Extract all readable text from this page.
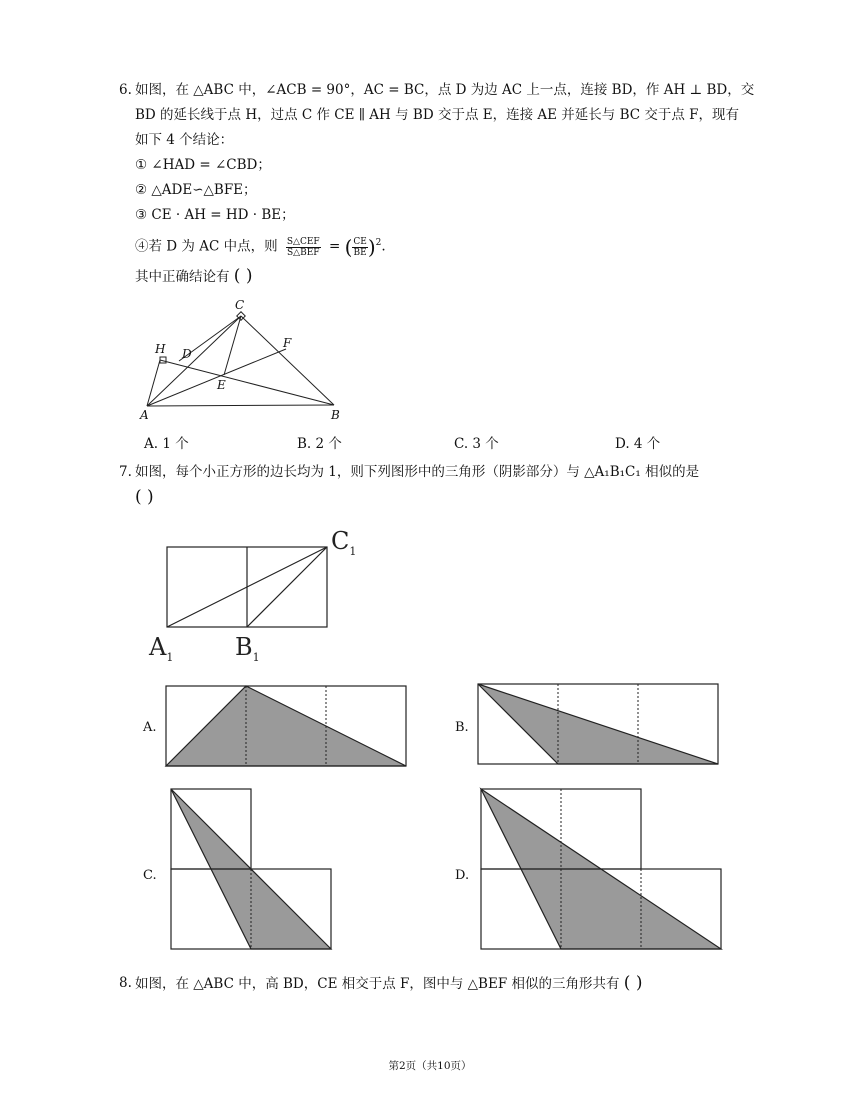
6. 如图，在 △ABC 中，∠ACB = 90°，AC = BC，点 D 为边 AC 上一点，连接 BD，作 AH ⊥ BD，交
BD 的延长线于点 H，过点 C 作 CE ∥ AH 与 BD 交于点 E，连接 AE 并延长与 BC 交于点 F，现有
如下 4 个结论：
① ∠HAD = ∠CBD；
② △ADE∽△BFE；
③ CE · AH = HD · BE；
④若 D 为 AC 中点，则 S△CEF
S△BEF = ( $\frac{CE}{BE} )^2$.
其中正确结论有 ( )
C
H D
F
E
A	B
A. 1 个	B. 2 个	C. 3 个	D. 4 个
7. 如图，每个小正方形的边长均为 1，则下列图形中的三角形（阴影部分）与 △A₁B₁C₁ 相似的是
( )
$C_1$
$A_1$	$B_1$
A.	B.
C.	D.
8. 如图，在 △ABC 中，高 BD，CE 相交于点 F，图中与 △BEF 相似的三角形共有 ( )
第2页（共10页）
